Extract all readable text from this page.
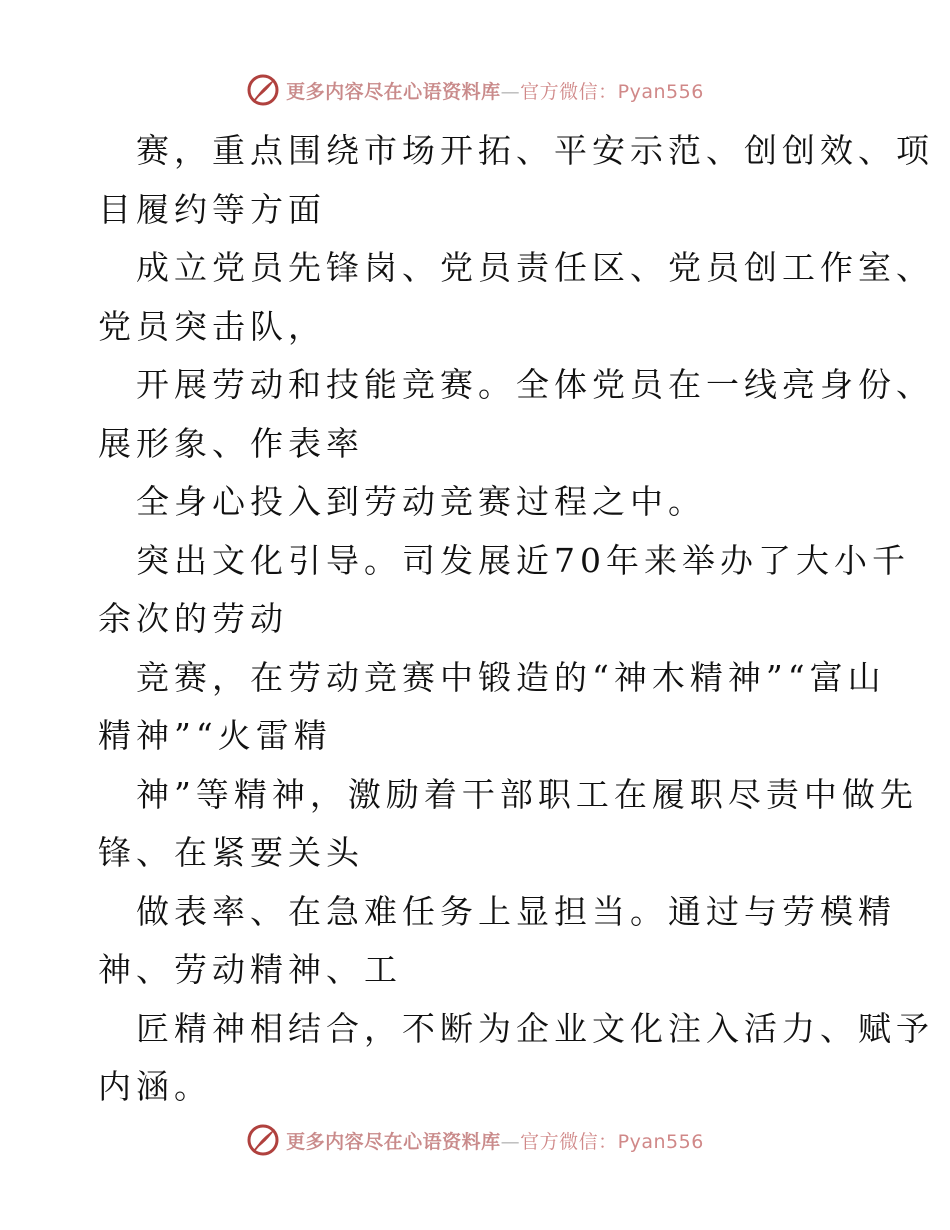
更多内容尽在心语资料库—官方微信：Pyan556
赛，重点围绕市场开拓、平安示范、创创效、项
目履约等方面
成立党员先锋岗、党员责任区、党员创工作室、
党员突击队，
开展劳动和技能竞赛。全体党员在一线亮身份、
展形象、作表率
全身心投入到劳动竞赛过程之中。
突出文化引导。司发展近70年来举办了大小千
余次的劳动
竞赛，在劳动竞赛中锻造的“神木精神”“富山
精神”“火雷精
神”等精神，激励着干部职工在履职尽责中做先
锋、在紧要关头
做表率、在急难任务上显担当。通过与劳模精
神、劳动精神、工
匠精神相结合，不断为企业文化注入活力、赋予
内涵。
更多内容尽在心语资料库—官方微信：Pyan556
